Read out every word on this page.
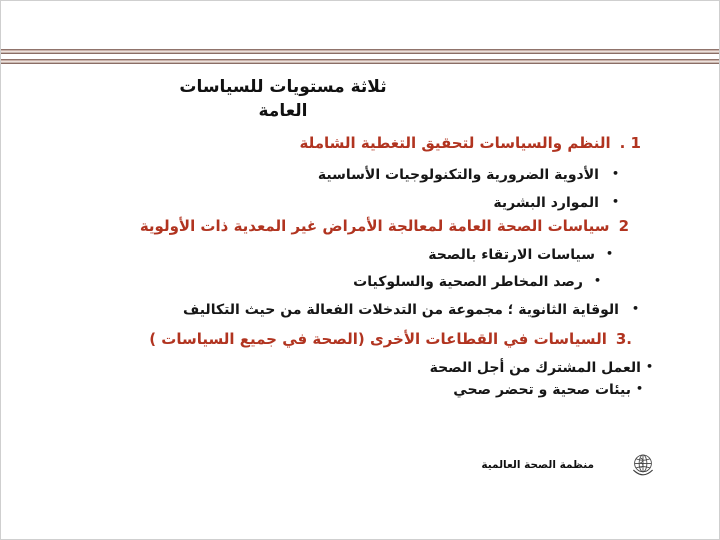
ثلاثة مستويات للسياسات العامة
. 1النظم والسياسات لتحقيق التغطية الشاملة
•الأدوية الضرورية والتكنولوجيات الأساسية
•الموارد البشرية
2سياسات الصحة العامة لمعالجة الأمراض غير المعدية ذات الأولوية
•سياسات الارتقاء بالصحة
•رصد المخاطر الصحية والسلوكيات
•الوقاية الثانوية ؛ مجموعة من التدخلات الفعالة من حيث التكاليف
3.السياسات في القطاعات الأخرى (الصحة في جميع السياسات )
•العمل المشترك من أجل الصحة
•بيئات صحية و تحضر صحي
منظمة الصحة العالمية
